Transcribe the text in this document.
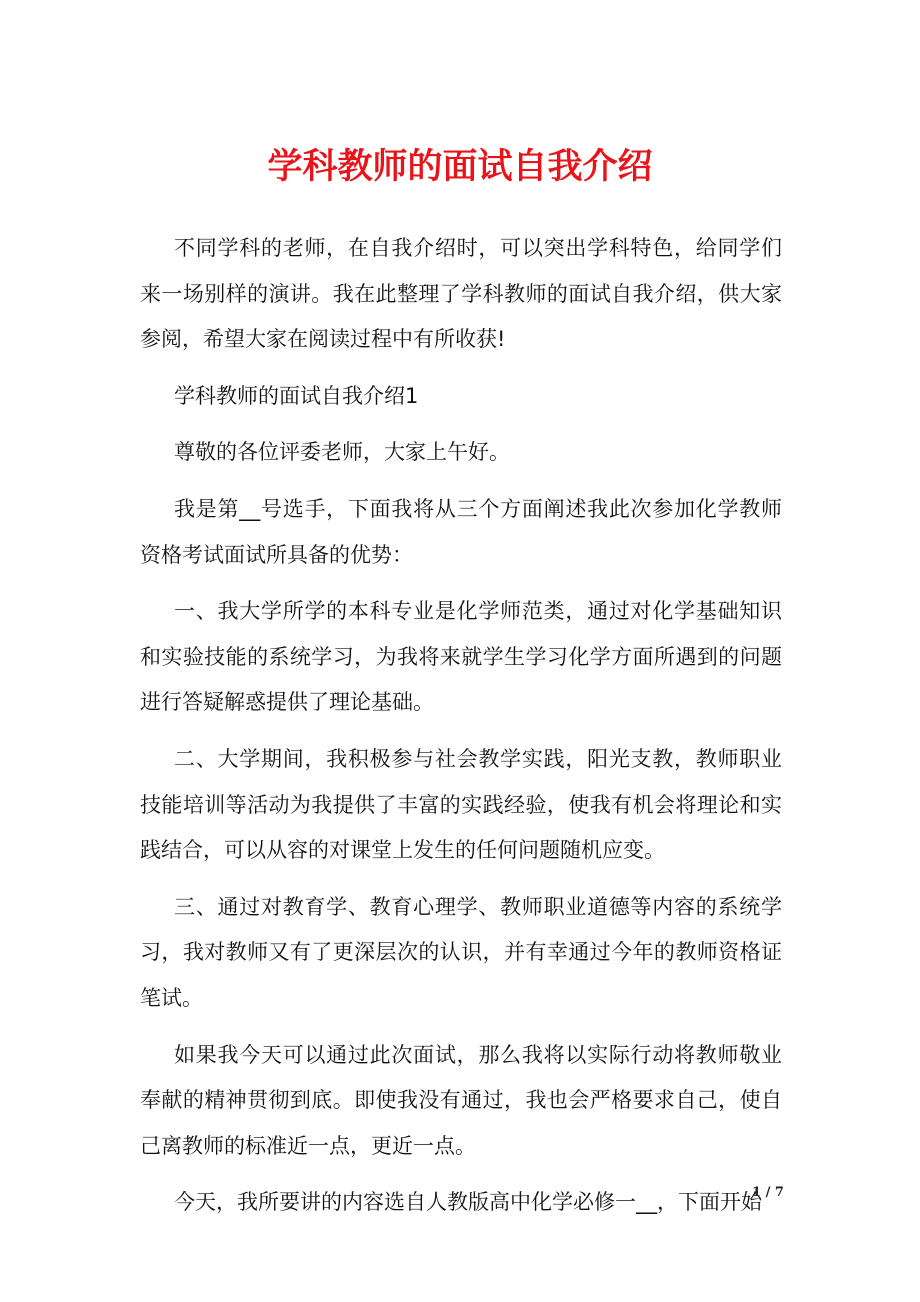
学科教师的面试自我介绍

不同学科的老师，在自我介绍时，可以突出学科特色，给同学们来一场别样的演讲。我在此整理了学科教师的面试自我介绍，供大家参阅，希望大家在阅读过程中有所收获!

学科教师的面试自我介绍1

尊敬的各位评委老师，大家上午好。

我是第__号选手，下面我将从三个方面阐述我此次参加化学教师资格考试面试所具备的优势：

一、我大学所学的本科专业是化学师范类，通过对化学基础知识和实验技能的系统学习，为我将来就学生学习化学方面所遇到的问题进行答疑解惑提供了理论基础。

二、大学期间，我积极参与社会教学实践，阳光支教，教师职业技能培训等活动为我提供了丰富的实践经验，使我有机会将理论和实践结合，可以从容的对课堂上发生的任何问题随机应变。

三、通过对教育学、教育心理学、教师职业道德等内容的系统学习，我对教师又有了更深层次的认识，并有幸通过今年的教师资格证笔试。

如果我今天可以通过此次面试，那么我将以实际行动将教师敬业奉献的精神贯彻到底。即使我没有通过，我也会严格要求自己，使自己离教师的标准近一点，更近一点。

今天，我所要讲的内容选自人教版高中化学必修一__，下面开始

1 / 7
